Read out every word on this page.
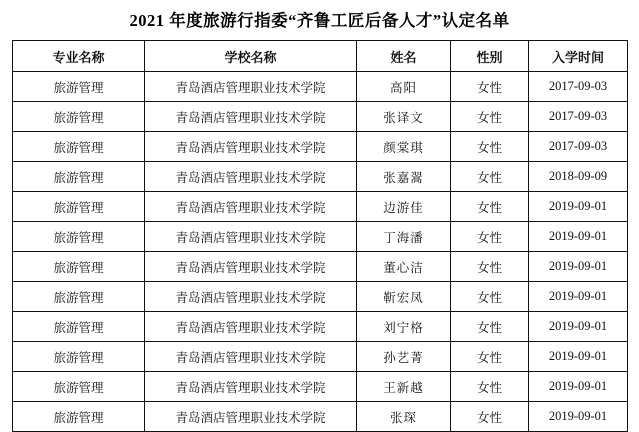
2021 年度旅游行指委“齐鲁工匠后备人才”认定名单
专业名称	学校名称	姓名	性别	入学时间
旅游管理	青岛酒店管理职业技术学院	高阳	女性	2017-09-03
旅游管理	青岛酒店管理职业技术学院	张译文	女性	2017-09-03
旅游管理	青岛酒店管理职业技术学院	颜棠琪	女性	2017-09-03
旅游管理	青岛酒店管理职业技术学院	张嘉翯	女性	2018-09-09
旅游管理	青岛酒店管理职业技术学院	边游佳	女性	2019-09-01
旅游管理	青岛酒店管理职业技术学院	丁海潘	女性	2019-09-01
旅游管理	青岛酒店管理职业技术学院	董心洁	女性	2019-09-01
旅游管理	青岛酒店管理职业技术学院	靳宏凤	女性	2019-09-01
旅游管理	青岛酒店管理职业技术学院	刘宁格	女性	2019-09-01
旅游管理	青岛酒店管理职业技术学院	孙艺菁	女性	2019-09-01
旅游管理	青岛酒店管理职业技术学院	王新越	女性	2019-09-01
旅游管理	青岛酒店管理职业技术学院	张琛	女性	2019-09-01
